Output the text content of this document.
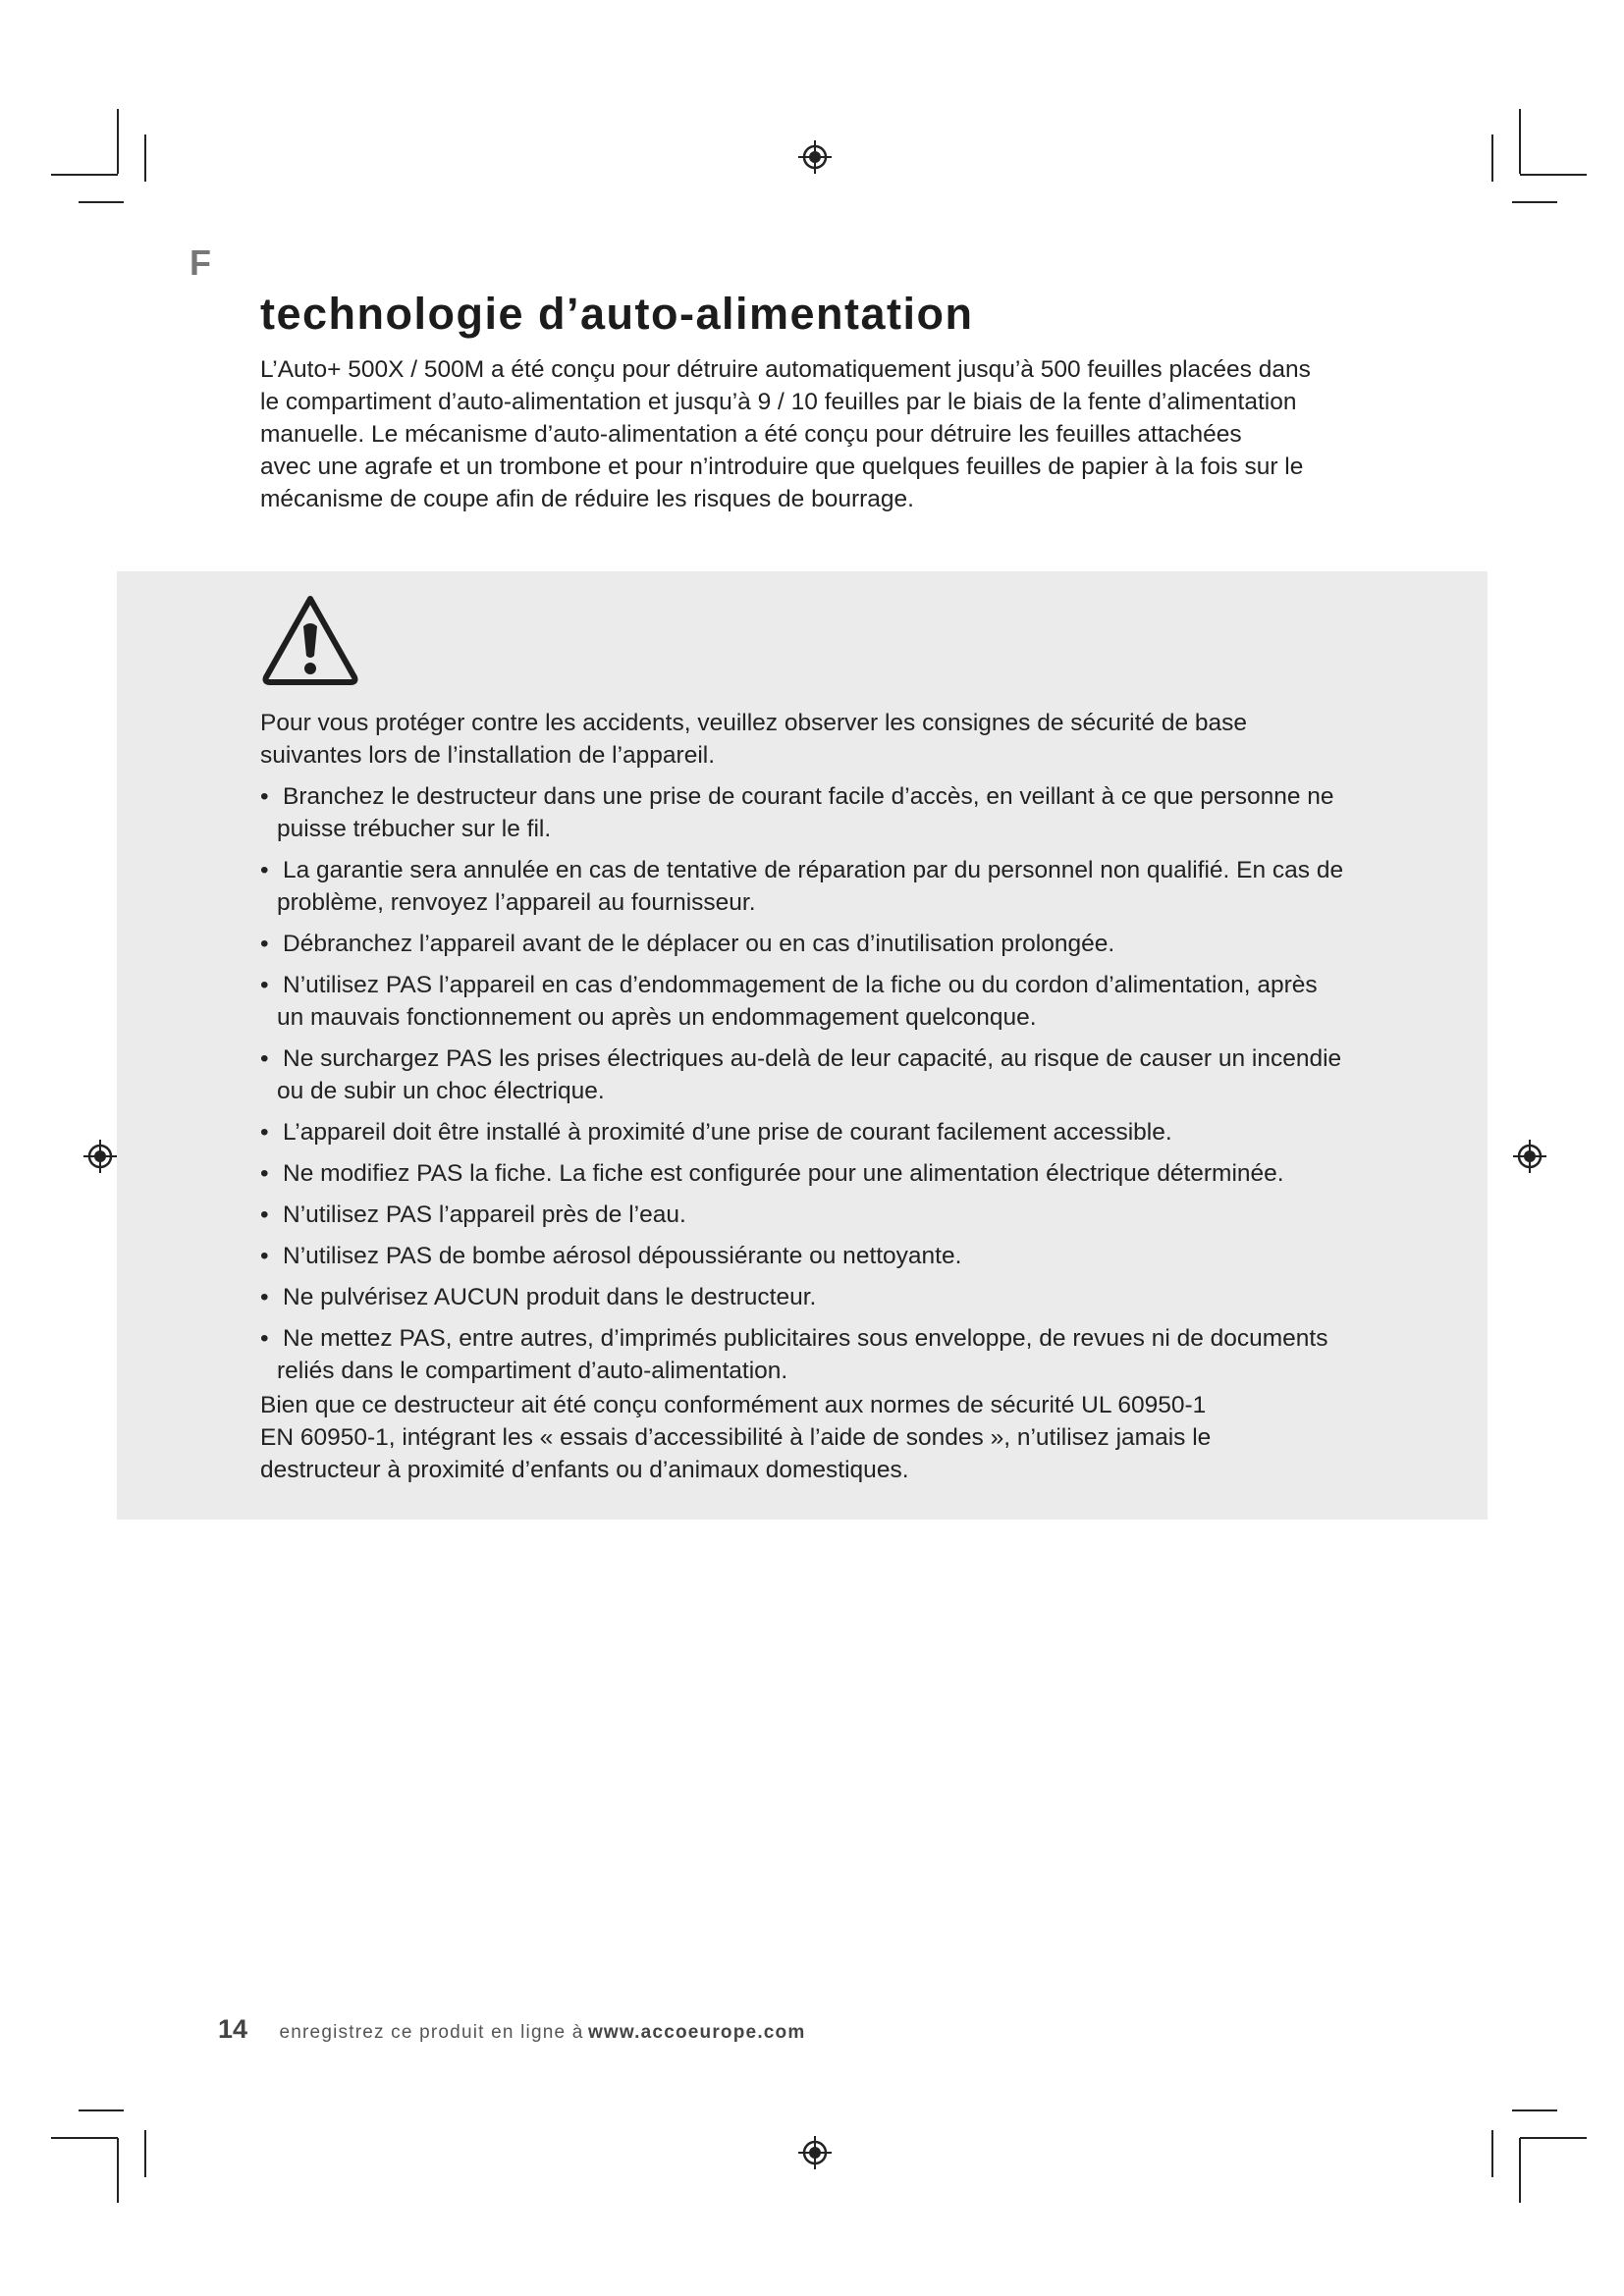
F
technologie d’auto-alimentation
L’Auto+ 500X / 500M a été conçu pour détruire automatiquement jusqu’à 500 feuilles placées dans
le compartiment d’auto-alimentation et jusqu’à 9 / 10 feuilles par le biais de la fente d’alimentation
manuelle. Le mécanisme d’auto-alimentation a été conçu pour détruire les feuilles attachées
avec une agrafe et un trombone et pour n’introduire que quelques feuilles de papier à la fois sur le
mécanisme de coupe afin de réduire les risques de bourrage.
Pour vous protéger contre les accidents, veuillez observer les consignes de sécurité de base
suivantes lors de l’installation de l’appareil.
• Branchez le destructeur dans une prise de courant facile d’accès, en veillant à ce que personne ne
puisse trébucher sur le fil.
• La garantie sera annulée en cas de tentative de réparation par du personnel non qualifié. En cas de
problème, renvoyez l’appareil au fournisseur.
• Débranchez l’appareil avant de le déplacer ou en cas d’inutilisation prolongée.
• N’utilisez PAS l’appareil en cas d’endommagement de la fiche ou du cordon d’alimentation, après
un mauvais fonctionnement ou après un endommagement quelconque.
• Ne surchargez PAS les prises électriques au-delà de leur capacité, au risque de causer un incendie
ou de subir un choc électrique.
• L’appareil doit être installé à proximité d’une prise de courant facilement accessible.
• Ne modifiez PAS la fiche. La fiche est configurée pour une alimentation électrique déterminée.
• N’utilisez PAS l’appareil près de l’eau.
• N’utilisez PAS de bombe aérosol dépoussiérante ou nettoyante.
• Ne pulvérisez AUCUN produit dans le destructeur.
• Ne mettez PAS, entre autres, d’imprimés publicitaires sous enveloppe, de revues ni de documents
reliés dans le compartiment d’auto-alimentation.
Bien que ce destructeur ait été conçu conformément aux normes de sécurité UL 60950-1
EN 60950-1, intégrant les « essais d’accessibilité à l’aide de sondes », n’utilisez jamais le
destructeur à proximité d’enfants ou d’animaux domestiques.
14 enregistrez ce produit en ligne à www.accoeurope.com
